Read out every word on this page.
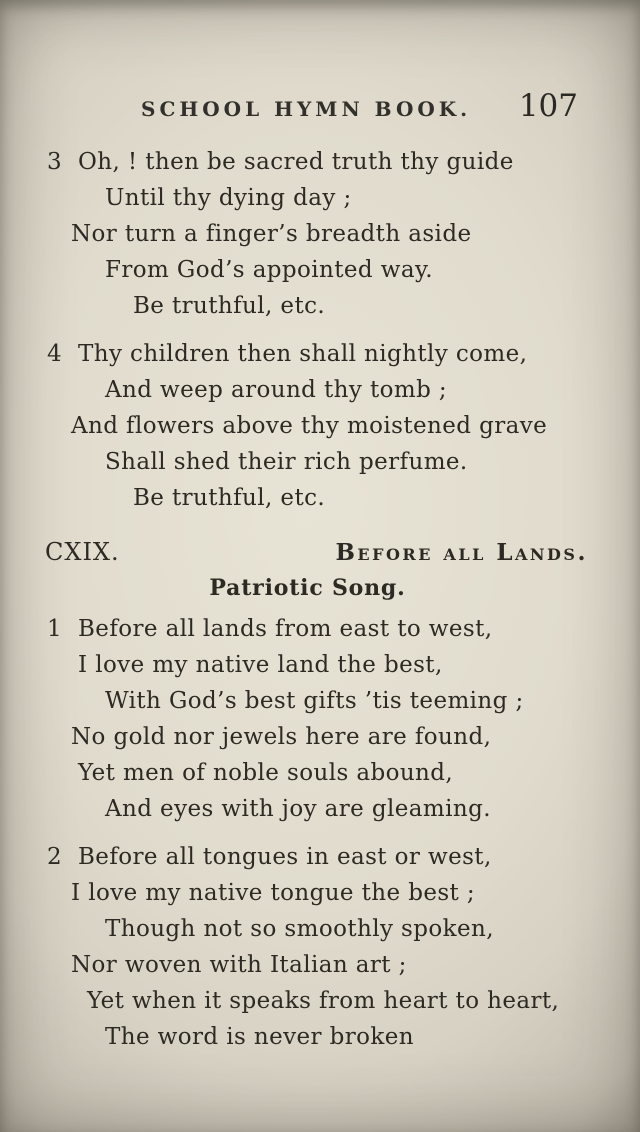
SCHOOL HYMN BOOK. 107
3 Oh, ! then be sacred truth thy guide
Until thy dying day ;
Nor turn a finger’s breadth aside
From God’s appointed way.
Be truthful, etc.
4 Thy children then shall nightly come,
And weep around thy tomb ;
And flowers above thy moistened grave
Shall shed their rich perfume.
Be truthful, etc.
CXIX.	Before all Lands.
Patriotic Song.
1 Before all lands from east to west,
I love my native land the best,
With God’s best gifts ’tis teeming ;
No gold nor jewels here are found,
Yet men of noble souls abound,
And eyes with joy are gleaming.
2 Before all tongues in east or west,
I love my native tongue the best ;
Though not so smoothly spoken,
Nor woven with Italian art ;
Yet when it speaks from heart to heart,
The word is never broken
